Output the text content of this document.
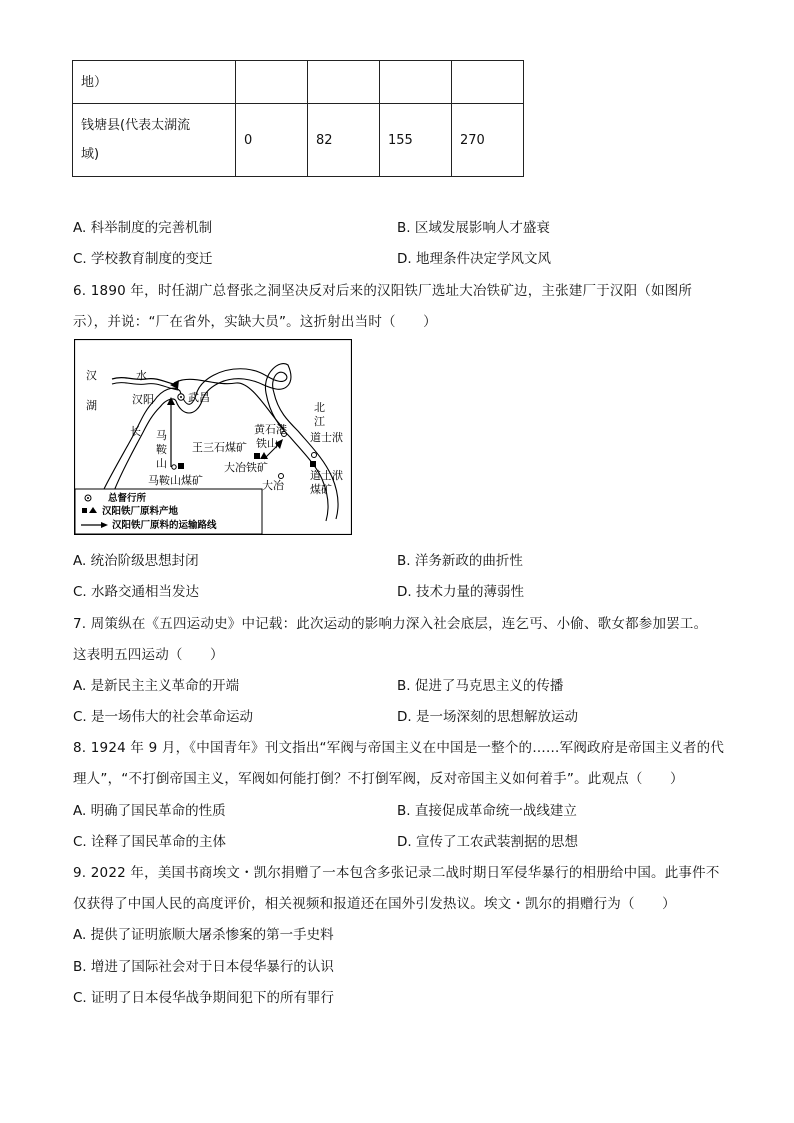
地）				

钱塘县(代表太湖流
域)	0	82	155	270
A. 科举制度的完善机制	B. 区域发展影响人才盛衰
C. 学校教育制度的变迁	D. 地理条件决定学风文风
6. 1890 年，时任湖广总督张之洞坚决反对后来的汉阳铁厂选址大冶铁矿边，主张建厂于汉阳（如图所
示），并说：“厂在省外，实缺大员”。这折射出当时（　　）
汉	水
湖	汉阳	武昌
长 马
鞍
山
马鞍山煤矿
王三石煤矿
黄石港
铁山
北
江
道士洑
大冶铁矿
大冶
道士洑
煤矿
总督行所
汉阳铁厂原料产地
汉阳铁厂原料的运输路线
A. 统治阶级思想封闭	B. 洋务新政的曲折性
C. 水路交通相当发达	D. 技术力量的薄弱性
7. 周策纵在《五四运动史》中记载：此次运动的影响力深入社会底层，连乞丐、小偷、歌女都参加罢工。
这表明五四运动（　　）
A. 是新民主主义革命的开端	B. 促进了马克思主义的传播
C. 是一场伟大的社会革命运动	D. 是一场深刻的思想解放运动
8. 1924 年 9 月，《中国青年》刊文指出“军阀与帝国主义在中国是一整个的……军阀政府是帝国主义者的代
理人”，“不打倒帝国主义，军阀如何能打倒？不打倒军阀，反对帝国主义如何着手”。此观点（　　）
A. 明确了国民革命的性质	B. 直接促成革命统一战线建立
C. 诠释了国民革命的主体	D. 宣传了工农武装割据的思想
9. 2022 年，美国书商埃文・凯尔捐赠了一本包含多张记录二战时期日军侵华暴行的相册给中国。此事件不
仅获得了中国人民的高度评价，相关视频和报道还在国外引发热议。埃文・凯尔的捐赠行为（　　）
A. 提供了证明旅顺大屠杀惨案的第一手史料
B. 增进了国际社会对于日本侵华暴行的认识
C. 证明了日本侵华战争期间犯下的所有罪行
